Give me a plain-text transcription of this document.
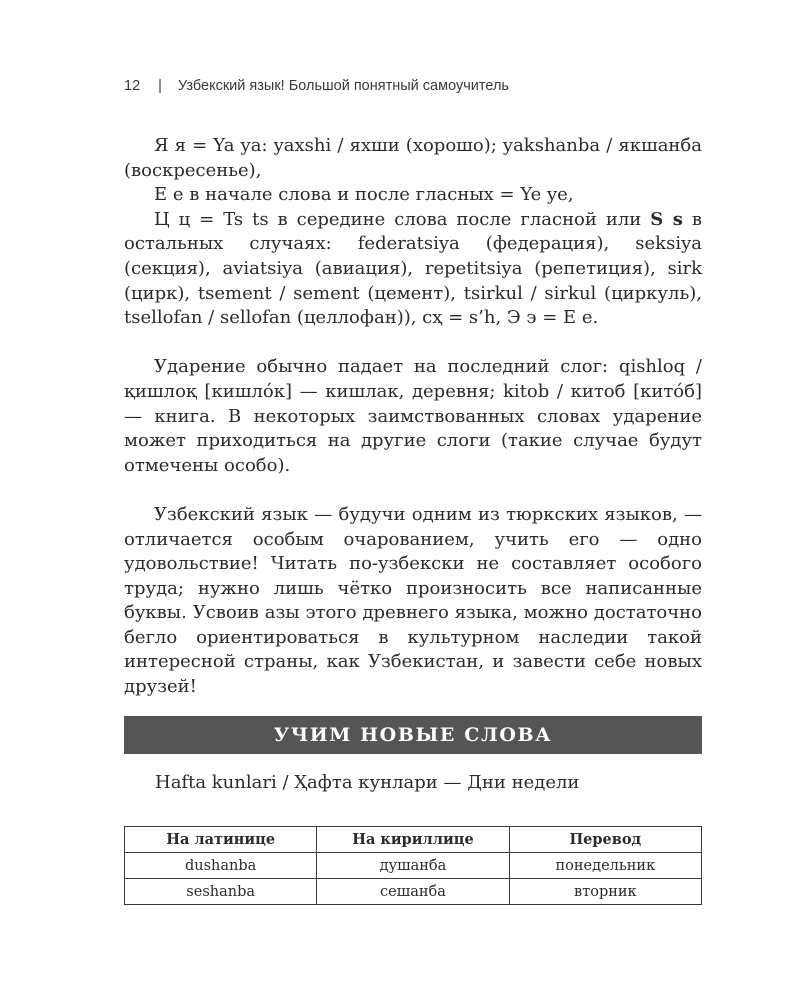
12 | Узбекский язык! Большой понятный самоучитель

Я я = Ya ya: yaxshi / яхши (хорошо); yakshanba / якшанба (воскресенье),

Е е в начале слова и после гласных = Ye ye,

Ц ц = Ts ts в середине слова после гласной или S s в остальных случаях: federatsiya (федерация), seksiya (секция), aviatsiya (авиация), repetitsiya (репетиция), sirk (цирк), tsement / sement (цемент), tsirkul / sirkul (циркуль), tsellofan / sellofan (целлофан)), сҳ = s’h, Э э = Е е.

Ударение обычно падает на последний слог: qishloq / қишлоқ [кишло́к] — кишлак, деревня; kitob / китоб [кито́б] — книга. В некоторых заимствованных словах ударение может приходиться на другие слоги (такие случае будут отмечены особо).

Узбекский язык — будучи одним из тюркских языков, — отличается особым очарованием, учить его — одно удовольствие! Читать по-узбекски не составляет особого труда; нужно лишь чётко произносить все написанные буквы. Усвоив азы этого древнего языка, можно достаточно бегло ориентироваться в культурном наследии такой интересной страны, как Узбекистан, и завести себе новых друзей!

УЧИМ НОВЫЕ СЛОВА
Hafta kunlari / Ҳафта кунлари — Дни недели
На латинице	На кириллице	Перевод
dushanba	душанба	понедельник
seshanba	сешанба	вторник
